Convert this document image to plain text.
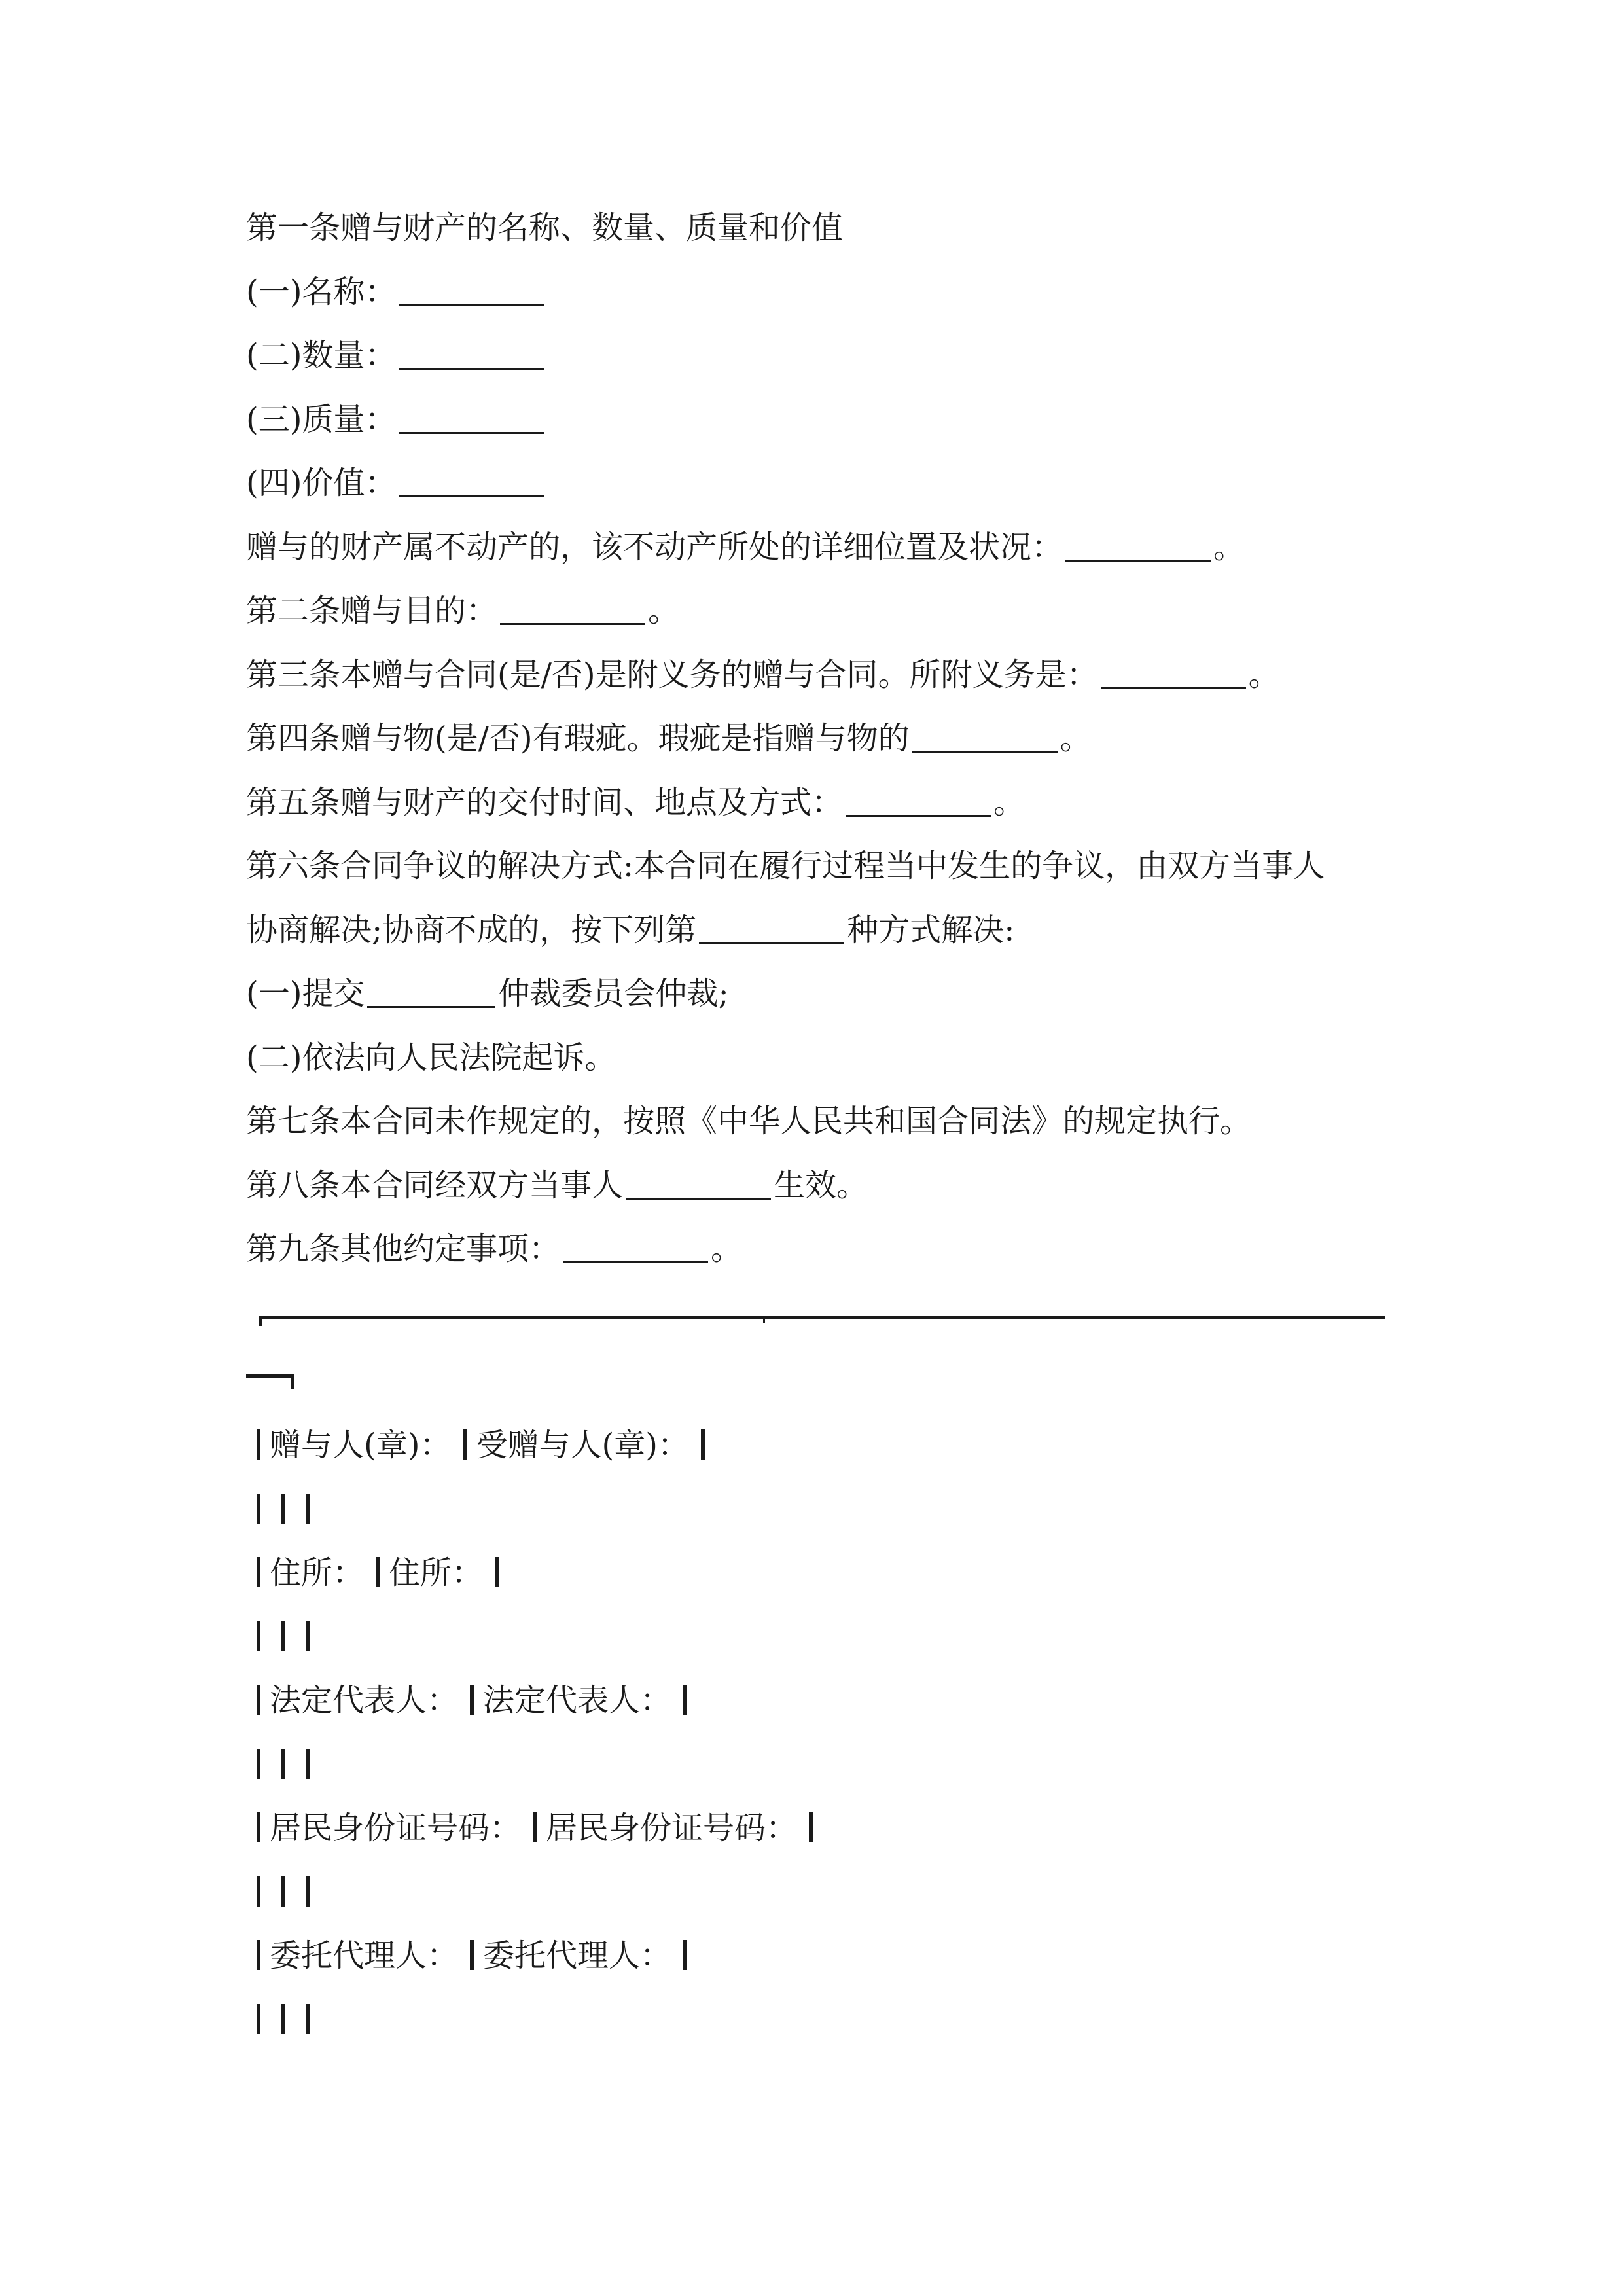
第一条赠与财产的名称、数量、质量和价值
(一)名称：
(二)数量：
(三)质量：
(四)价值：
赠与的财产属不动产的，该不动产所处的详细位置及状况：	。
第二条赠与目的：	。
第三条本赠与合同(是/否)是附义务的赠与合同。所附义务是：	。
第四条赠与物(是/否)有瑕疵。瑕疵是指赠与物的	。
第五条赠与财产的交付时间、地点及方式：	。
第六条合同争议的解决方式:本合同在履行过程当中发生的争议，由双方当事人
协商解决;协商不成的，按下列第	种方式解决:
(一)提交	仲裁委员会仲裁;
(二)依法向人民法院起诉。
第七条本合同未作规定的，按照《中华人民共和国合同法》的规定执行。
第八条本合同经双方当事人	生效。
第九条其他约定事项：	。
赠与人(章)： 受赠与人(章)：
住所： 住所：
法定代表人： 法定代表人：
居民身份证号码： 居民身份证号码：
委托代理人： 委托代理人：
